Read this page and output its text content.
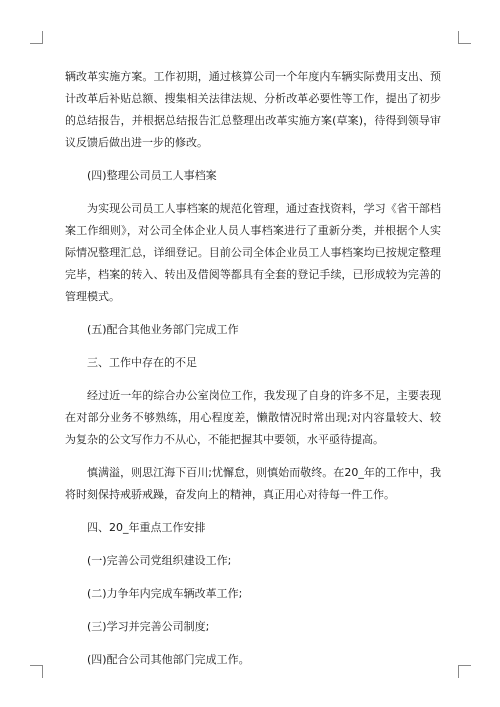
辆改革实施方案。工作初期，通过核算公司一个年度内车辆实际费用支出、预计改革后补贴总额、搜集相关法律法规、分析改革必要性等工作，提出了初步的总结报告，并根据总结报告汇总整理出改革实施方案(草案)，待得到领导审议反馈后做出进一步的修改。

(四)整理公司员工人事档案

为实现公司员工人事档案的规范化管理，通过查找资料，学习《省干部档案工作细则》，对公司全体企业人员人事档案进行了重新分类，并根据个人实际情况整理汇总，详细登记。目前公司全体企业员工人事档案均已按规定整理完毕，档案的转入、转出及借阅等都具有全套的登记手续，已形成较为完善的管理模式。

(五)配合其他业务部门完成工作

三、工作中存在的不足

经过近一年的综合办公室岗位工作，我发现了自身的许多不足，主要表现在对部分业务不够熟练，用心程度差，懒散情况时常出现;对内容量较大、较为复杂的公文写作力不从心，不能把握其中要领，水平亟待提高。

慎满溢，则思江海下百川;忧懈怠，则慎始而敬终。在20_年的工作中，我将时刻保持戒骄戒躁，奋发向上的精神，真正用心对待每一件工作。

四、20_年重点工作安排

(一)完善公司党组织建设工作;

(二)力争年内完成车辆改革工作;

(三)学习并完善公司制度;

(四)配合公司其他部门完成工作。
